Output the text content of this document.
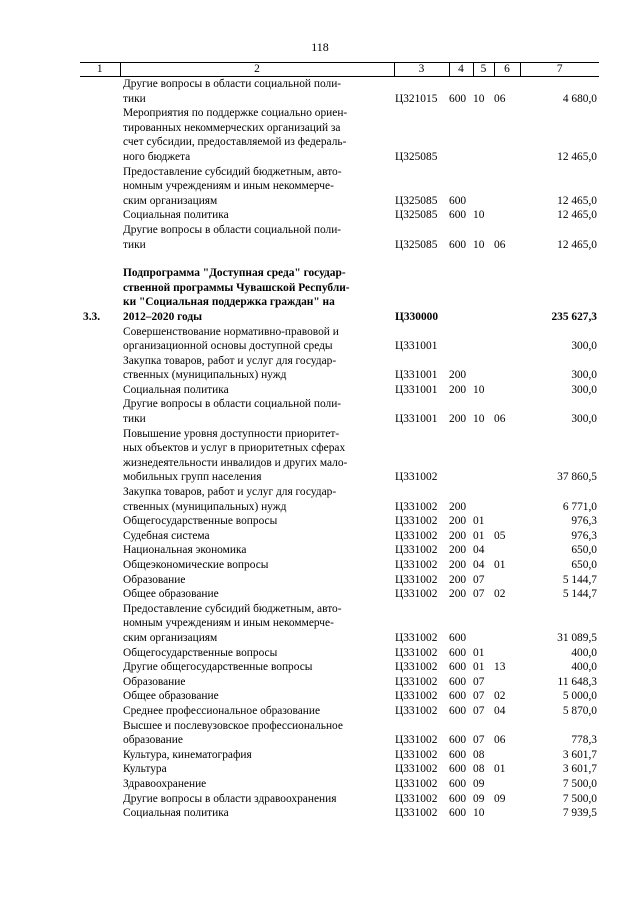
118
1	2	3	4	5	6	7

	Другие вопросы в области социальной поли-
тики	Ц321015	600	10	06	4 680,0

	Мероприятия по поддержке социально ориен-
тированных некоммерческих организаций за
счет субсидии, предоставляемой из федераль-
ного бюджета	Ц325085				12 465,0

	Предоставление субсидий бюджетным, авто-
номным учреждениям и иным некоммерче-
ским организациям	Ц325085	600			12 465,0

	Социальная политика	Ц325085	600	10		12 465,0

	Другие вопросы в области социальной поли-
тики	Ц325085	600	10	06	12 465,0

3.3.	Подпрограмма "Доступная среда" государ-
ственной программы Чувашской Республи-
ки "Социальная поддержка граждан" на
2012–2020 годы	Ц330000				235 627,3

	Совершенствование нормативно-правовой и
организационной основы доступной среды	Ц331001				300,0

	Закупка товаров, работ и услуг для государ-
ственных (муниципальных) нужд	Ц331001	200			300,0

	Социальная политика	Ц331001	200	10		300,0

	Другие вопросы в области социальной поли-
тики	Ц331001	200	10	06	300,0

	Повышение уровня доступности приоритет-
ных объектов и услуг в приоритетных сферах
жизнедеятельности инвалидов и других мало-
мобильных групп населения	Ц331002				37 860,5

	Закупка товаров, работ и услуг для государ-
ственных (муниципальных) нужд	Ц331002	200			6 771,0

	Общегосударственные вопросы	Ц331002	200	01		976,3

	Судебная система	Ц331002	200	01	05	976,3

	Национальная экономика	Ц331002	200	04		650,0

	Общеэкономические вопросы	Ц331002	200	04	01	650,0

	Образование	Ц331002	200	07		5 144,7

	Общее образование	Ц331002	200	07	02	5 144,7

	Предоставление субсидий бюджетным, авто-
номным учреждениям и иным некоммерче-
ским организациям	Ц331002	600			31 089,5

	Общегосударственные вопросы	Ц331002	600	01		400,0

	Другие общегосударственные вопросы	Ц331002	600	01	13	400,0

	Образование	Ц331002	600	07		11 648,3

	Общее образование	Ц331002	600	07	02	5 000,0

	Среднее профессиональное образование	Ц331002	600	07	04	5 870,0

	Высшее и послевузовское профессиональное
образование	Ц331002	600	07	06	778,3

	Культура, кинематография	Ц331002	600	08		3 601,7

	Культура	Ц331002	600	08	01	3 601,7

	Здравоохранение	Ц331002	600	09		7 500,0

	Другие вопросы в области здравоохранения	Ц331002	600	09	09	7 500,0

	Социальная политика	Ц331002	600	10		7 939,5
